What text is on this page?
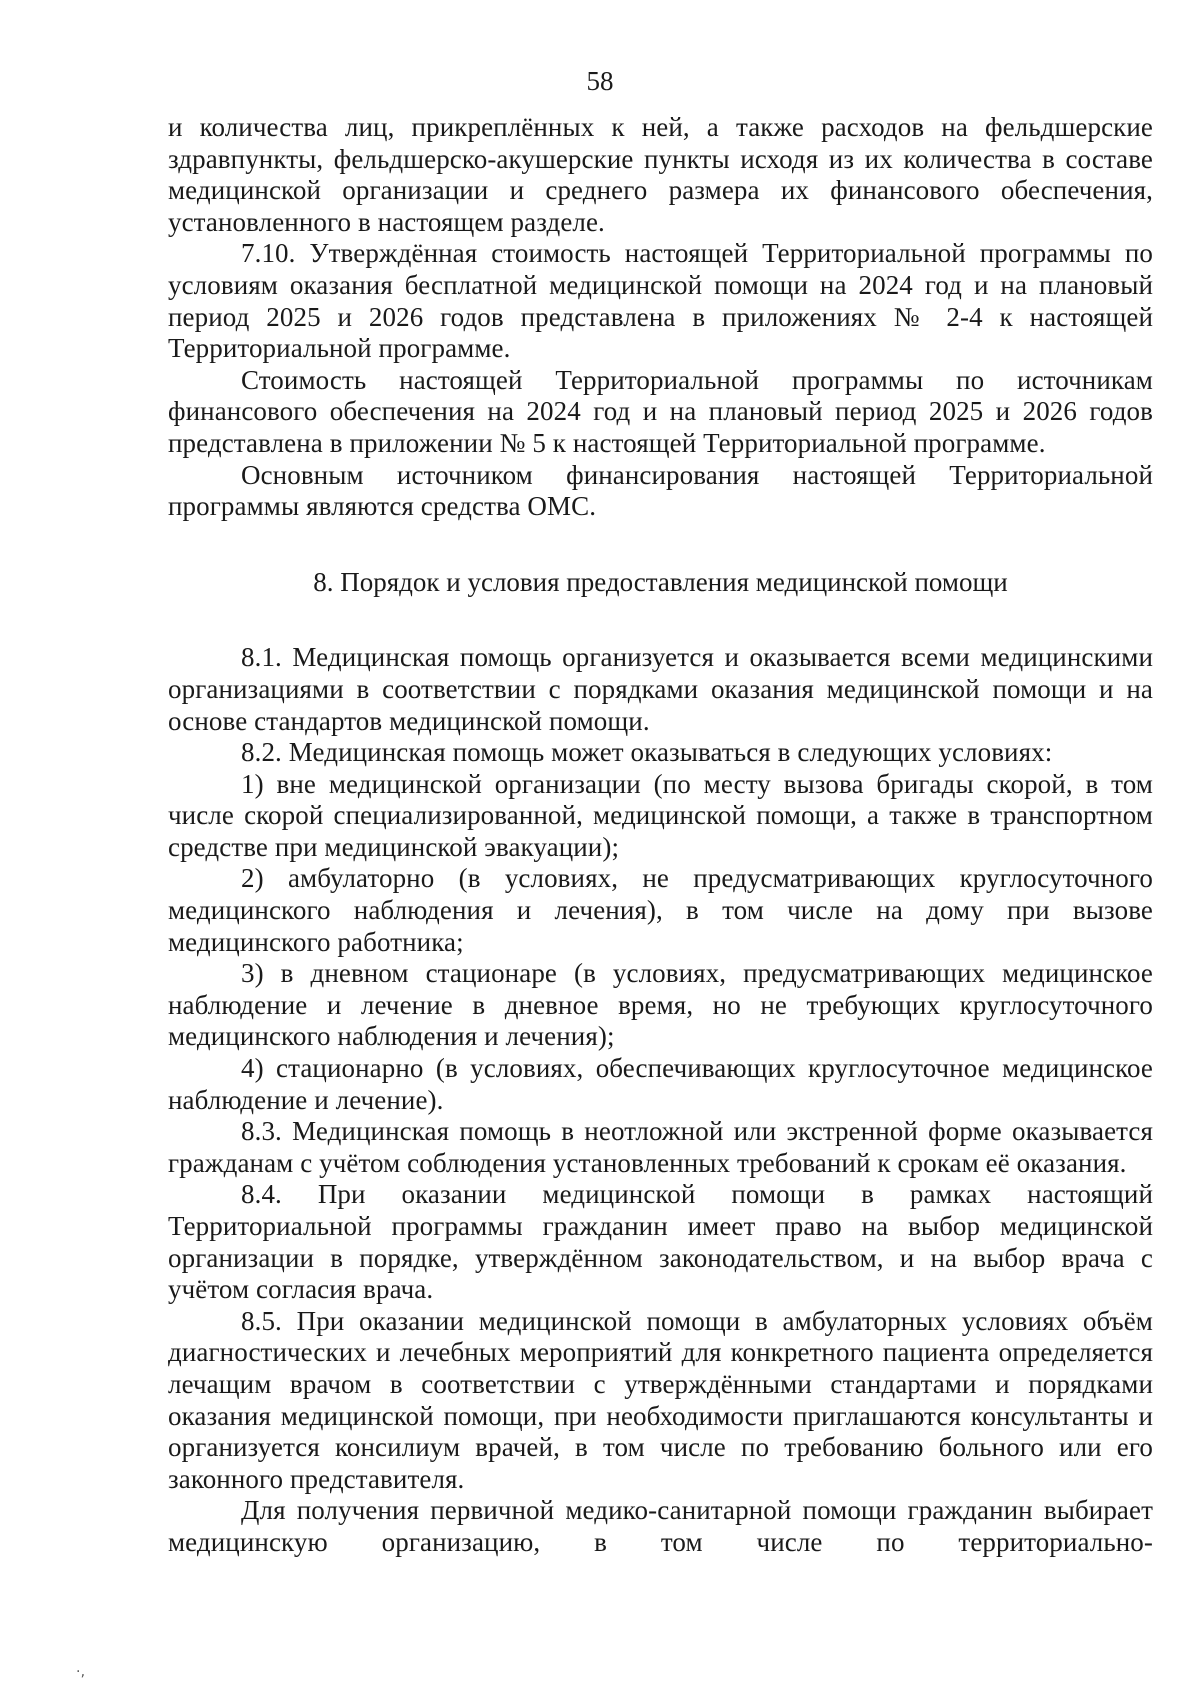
58

и количества лиц, прикреплённых к ней, а также расходов на фельдшерские здравпункты, фельдшерско-акушерские пункты исходя из их количества в составе медицинской организации и среднего размера их финансового обеспечения, установленного в настоящем разделе.

7.10. Утверждённая стоимость настоящей Территориальной программы по условиям оказания бесплатной медицинской помощи на 2024 год и на плановый период 2025 и 2026 годов представлена в приложениях № 2-4 к настоящей Территориальной программе.

Стоимость настоящей Территориальной программы по источникам финансового обеспечения на 2024 год и на плановый период 2025 и 2026 годов представлена в приложении № 5 к настоящей Территориальной программе.

Основным источником финансирования настоящей Территориальной программы являются средства ОМС.

8. Порядок и условия предоставления медицинской помощи

8.1. Медицинская помощь организуется и оказывается всеми медицинскими организациями в соответствии с порядками оказания медицинской помощи и на основе стандартов медицинской помощи.

8.2. Медицинская помощь может оказываться в следующих условиях:

1) вне медицинской организации (по месту вызова бригады скорой, в том числе скорой специализированной, медицинской помощи, а также в транспортном средстве при медицинской эвакуации);

2) амбулаторно (в условиях, не предусматривающих круглосуточного медицинского наблюдения и лечения), в том числе на дому при вызове медицинского работника;

3) в дневном стационаре (в условиях, предусматривающих медицинское наблюдение и лечение в дневное время, но не требующих круглосуточного медицинского наблюдения и лечения);

4) стационарно (в условиях, обеспечивающих круглосуточное медицинское наблюдение и лечение).

8.3. Медицинская помощь в неотложной или экстренной форме оказывается гражданам с учётом соблюдения установленных требований к срокам её оказания.

8.4. При оказании медицинской помощи в рамках настоящий Территориальной программы гражданин имеет право на выбор медицинской организации в порядке, утверждённом законодательством, и на выбор врача с учётом согласия врача.

8.5. При оказании медицинской помощи в амбулаторных условиях объём диагностических и лечебных мероприятий для конкретного пациента определяется лечащим врачом в соответствии с утверждёнными стандартами и порядками оказания медицинской помощи, при необходимости приглашаются консультанты и организуется консилиум врачей, в том числе по требованию больного или его законного представителя.

Для получения первичной медико-санитарной помощи гражданин выбирает медицинскую организацию, в том числе по территориально-

·‚
